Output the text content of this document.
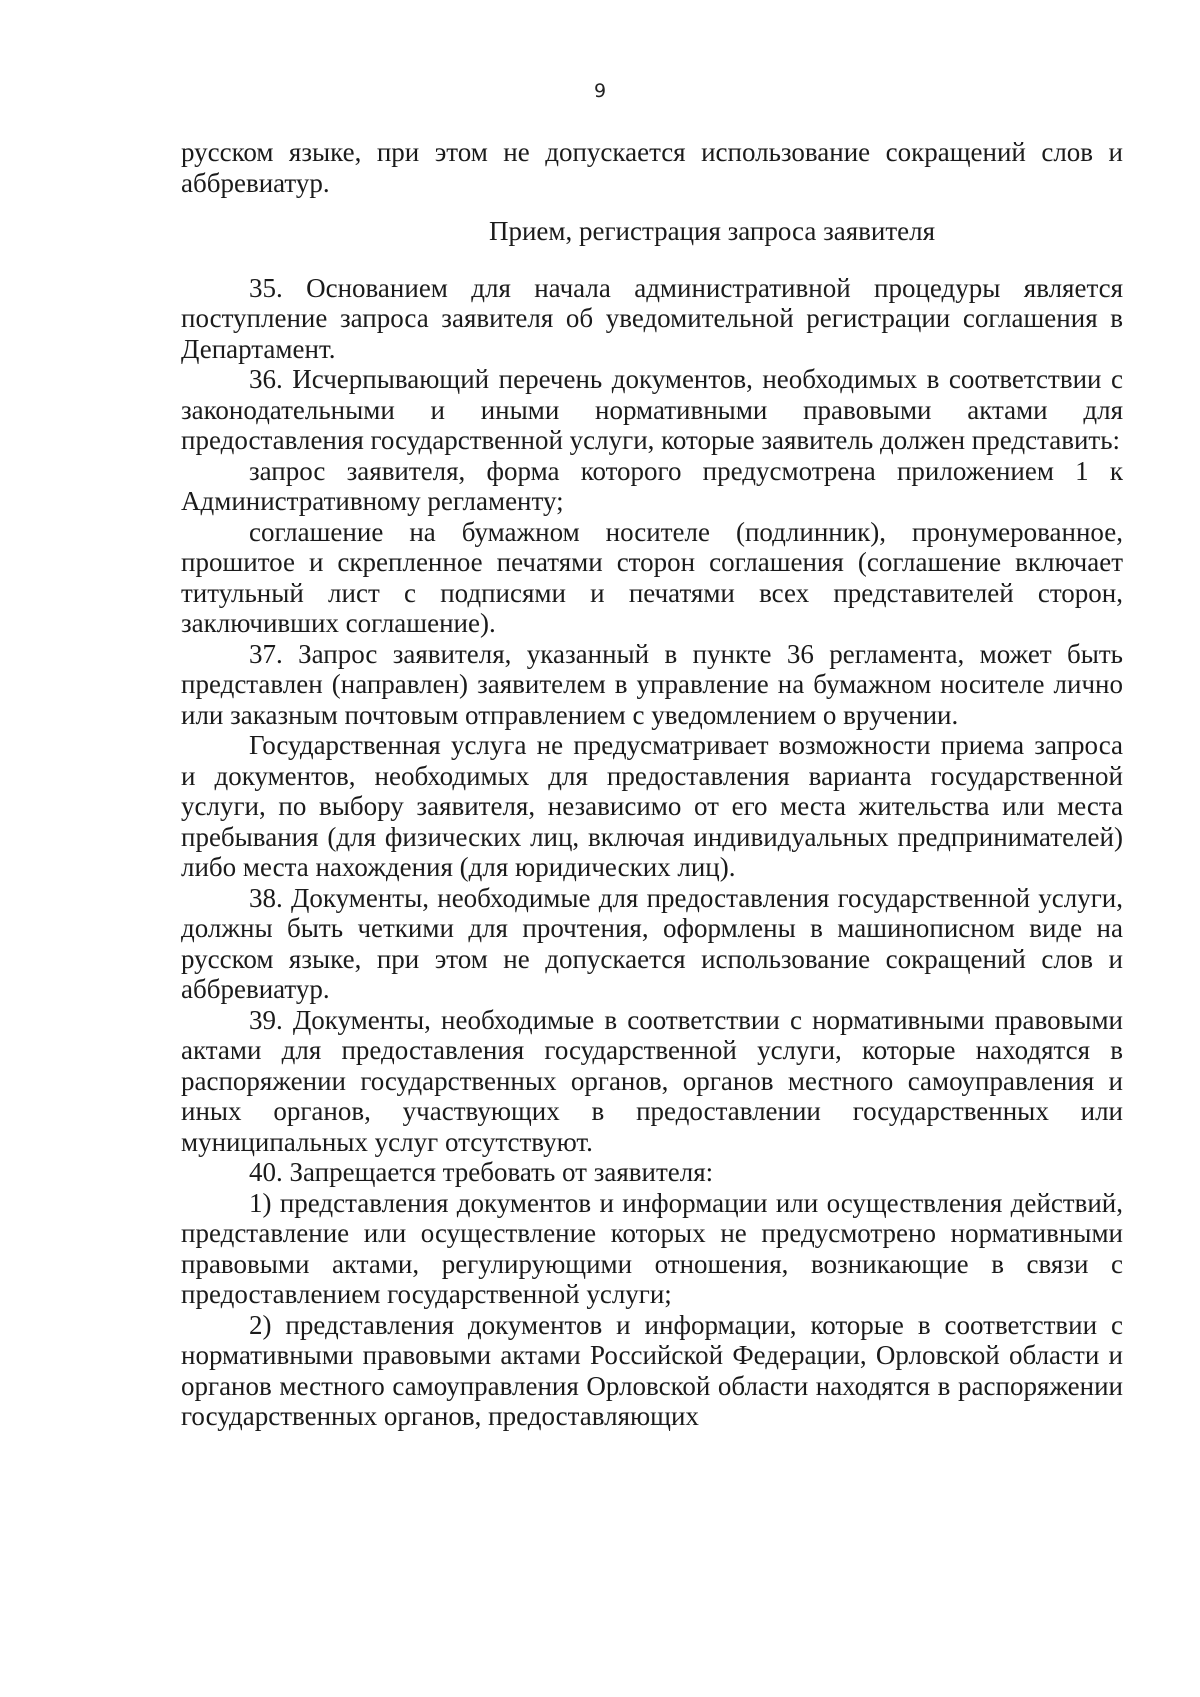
9

русском языке, при этом не допускается использование сокращений слов и аббревиатур.

Прием, регистрация запроса заявителя

35. Основанием для начала административной процедуры является поступление запроса заявителя об уведомительной регистрации соглашения в Департамент.

36. Исчерпывающий перечень документов, необходимых в соответствии с законодательными и иными нормативными правовыми актами для предоставления государственной услуги, которые заявитель должен представить:

запрос заявителя, форма которого предусмотрена приложением 1 к Административному регламенту;

соглашение на бумажном носителе (подлинник), пронумерованное, прошитое и скрепленное печатями сторон соглашения (соглашение включает титульный лист с подписями и печатями всех представителей сторон, заключивших соглашение).

37. Запрос заявителя, указанный в пункте 36 регламента, может быть представлен (направлен) заявителем в управление на бумажном носителе лично или заказным почтовым отправлением с уведомлением о вручении.

Государственная услуга не предусматривает возможности приема запроса и документов, необходимых для предоставления варианта государственной услуги, по выбору заявителя, независимо от его места жительства или места пребывания (для физических лиц, включая индивидуальных предпринимателей) либо места нахождения (для юридических лиц).

38. Документы, необходимые для предоставления государственной услуги, должны быть четкими для прочтения, оформлены в машинописном виде на русском языке, при этом не допускается использование сокращений слов и аббревиатур.

39. Документы, необходимые в соответствии с нормативными правовыми актами для предоставления государственной услуги, которые находятся в распоряжении государственных органов, органов местного самоуправления и иных органов, участвующих в предоставлении государственных или муниципальных услуг отсутствуют.

40. Запрещается требовать от заявителя:

1) представления документов и информации или осуществления действий, представление или осуществление которых не предусмотрено нормативными правовыми актами, регулирующими отношения, возникающие в связи с предоставлением государственной услуги;

2) представления документов и информации, которые в соответствии с нормативными правовыми актами Российской Федерации, Орловской области и органов местного самоуправления Орловской области находятся в распоряжении государственных органов, предоставляющих
